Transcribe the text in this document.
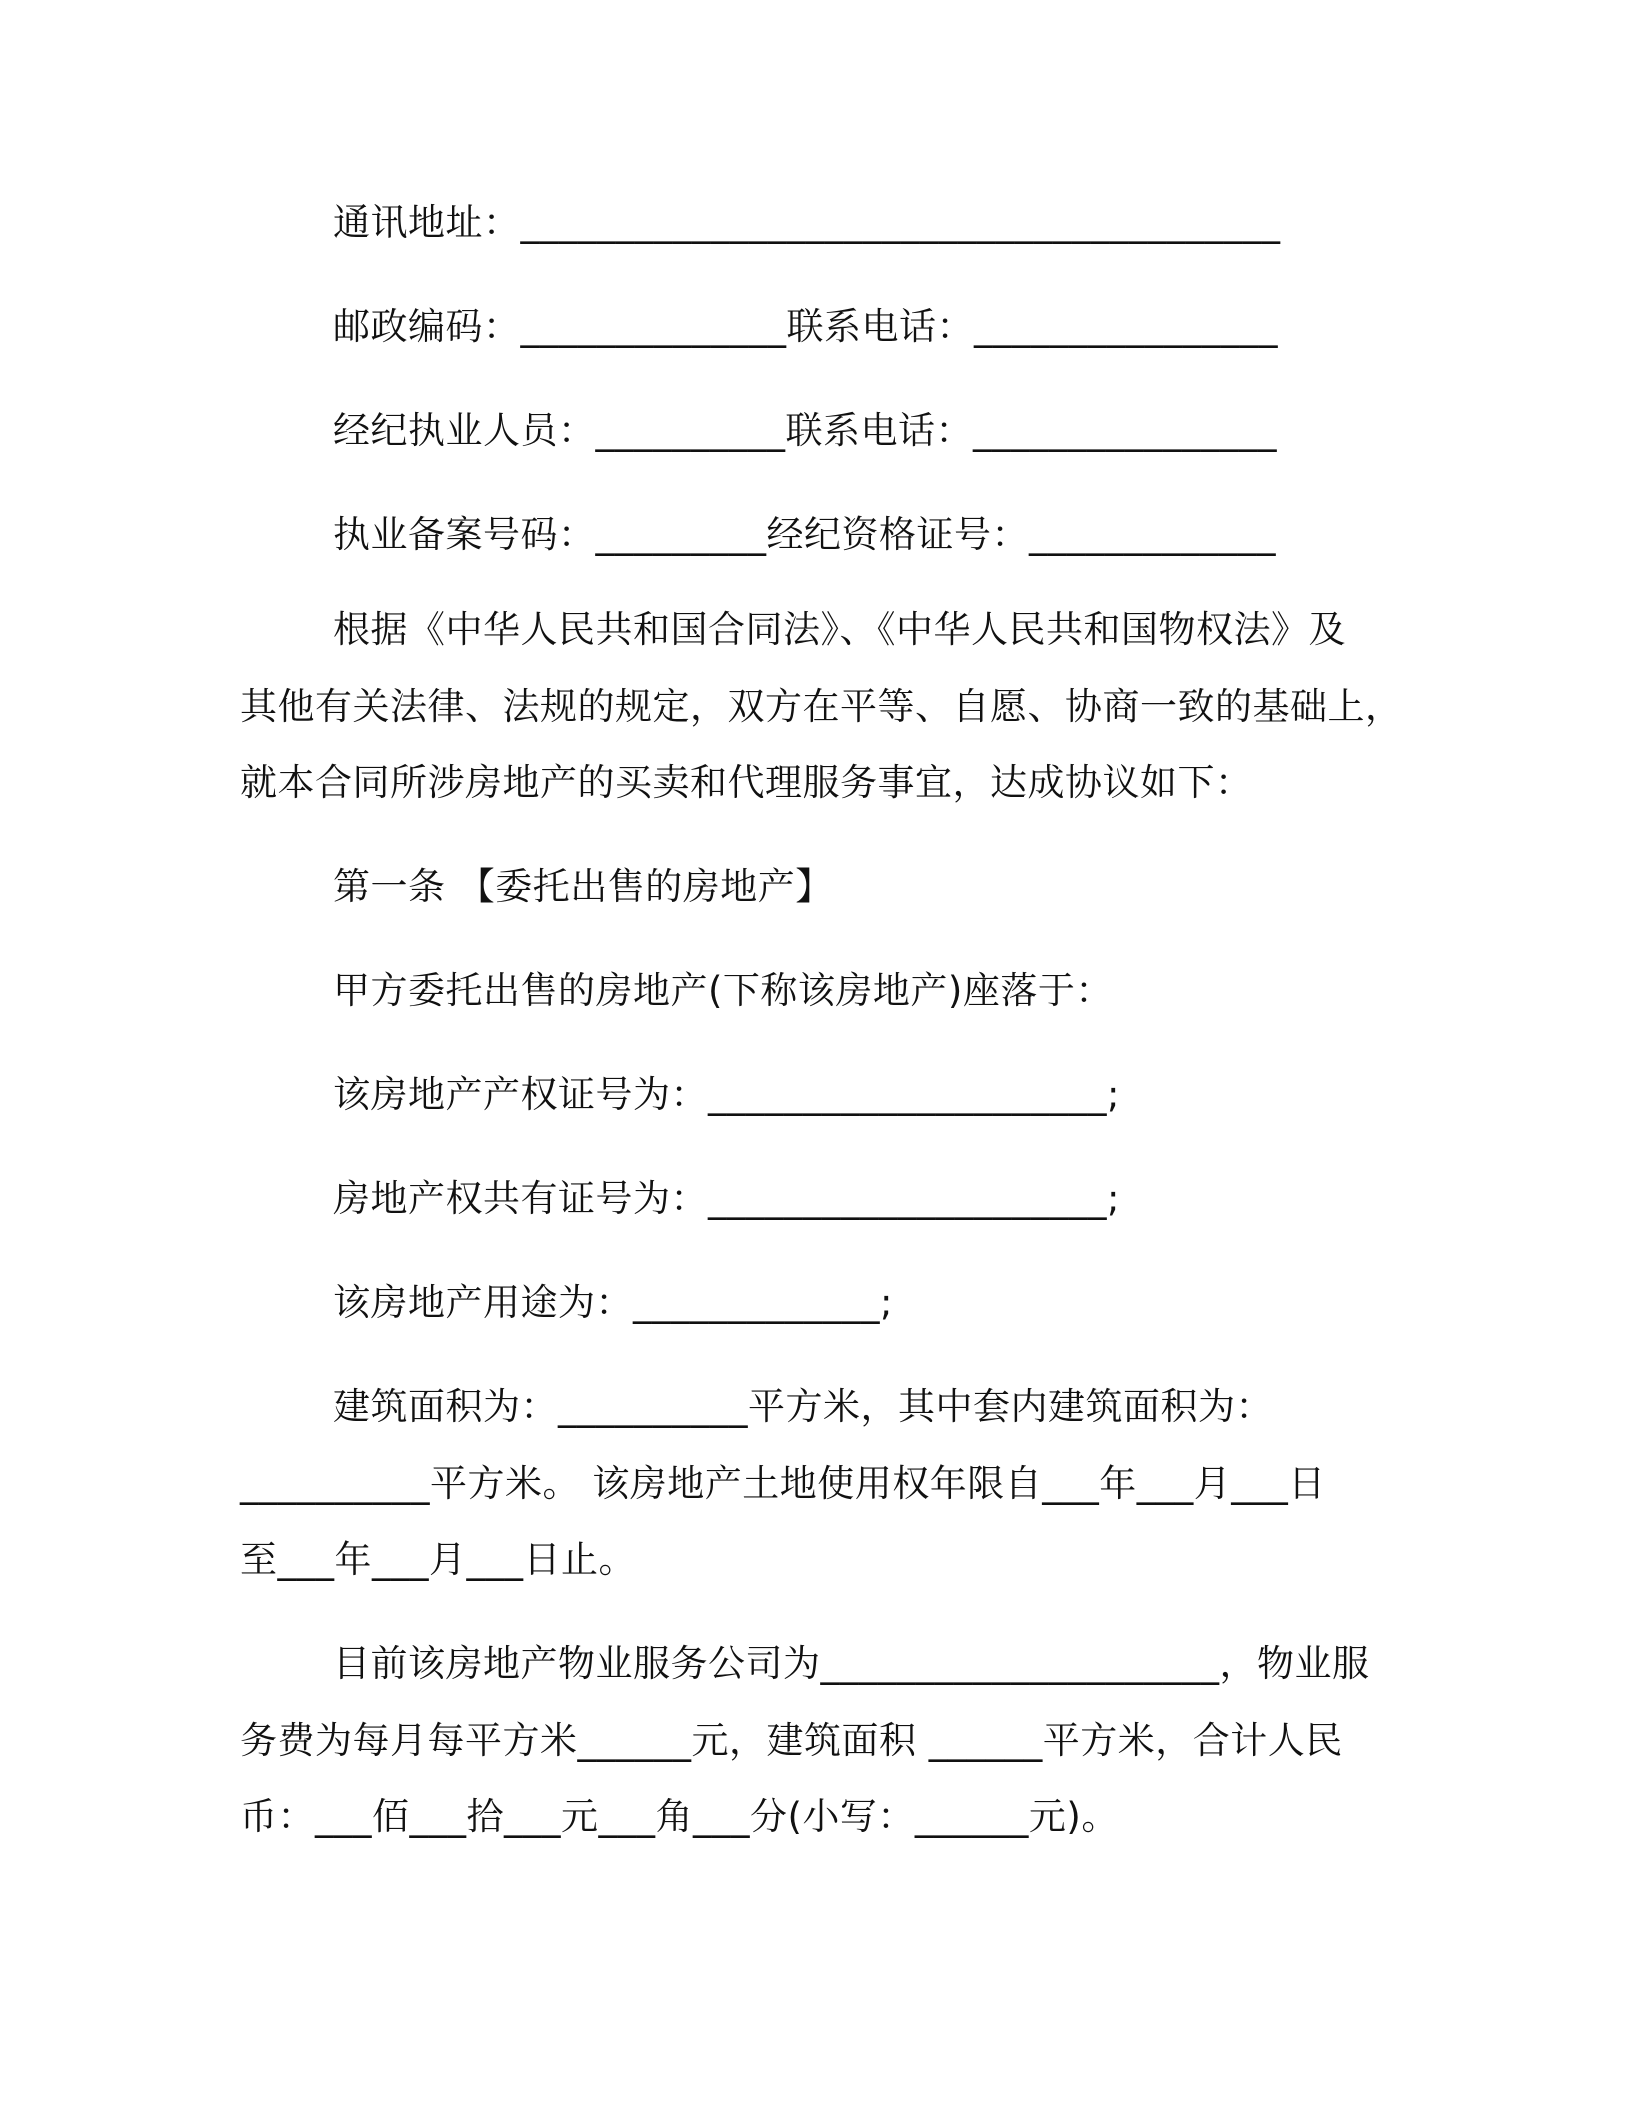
通讯地址：________________________________________
邮政编码：______________联系电话：________________
经纪执业人员：__________联系电话：________________
执业备案号码：_________经纪资格证号：_____________
根据《中华人民共和国合同法》、《中华人民共和国物权法》及
其他有关法律、法规的规定，双方在平等、自愿、协商一致的基础上，
就本合同所涉房地产的买卖和代理服务事宜，达成协议如下：
第一条 【委托出售的房地产】
甲方委托出售的房地产(下称该房地产)座落于：
该房地产产权证号为：_____________________;
房地产权共有证号为：_____________________;
该房地产用途为：_____________;
建筑面积为：__________平方米，其中套内建筑面积为：
__________平方米。 该房地产土地使用权年限自___年___月___日
至___年___月___日止。
目前该房地产物业服务公司为_____________________，物业服
务费为每月每平方米______元，建筑面积 ______平方米，合计人民
币：___佰___拾___元___角___分(小写：______元)。
